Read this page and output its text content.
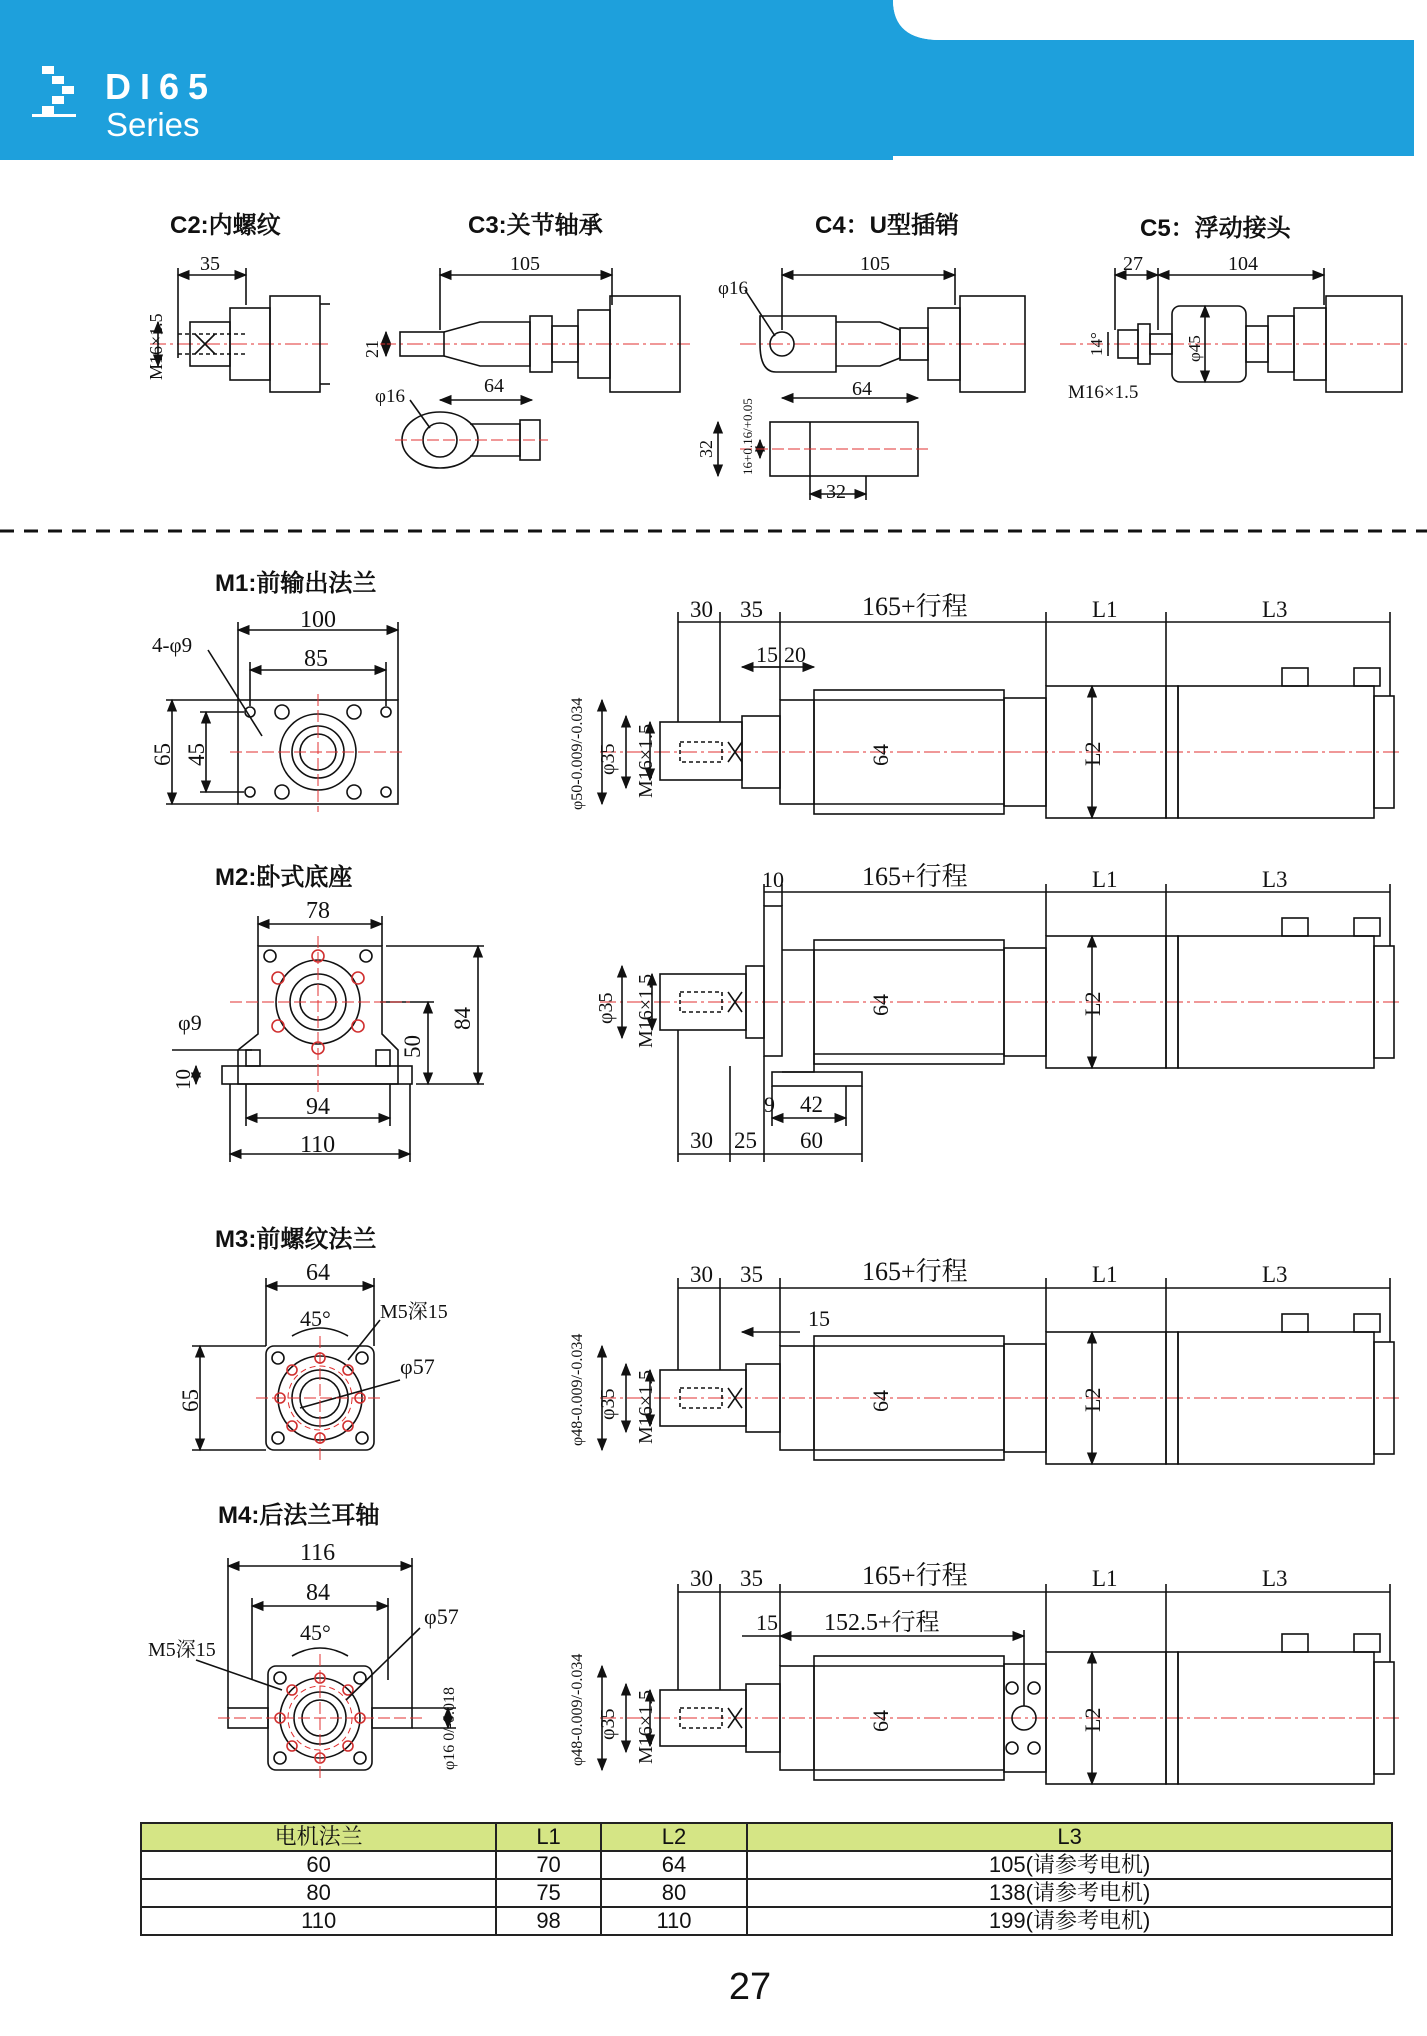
DI65
Series
C2:内螺纹	C3:关节轴承	C4：U型插销	C5：浮动接头
M1:前输出法兰
M2:卧式底座
M3:前螺纹法兰
M4:后法兰耳轴
35
M16×1.5
105
21
φ16	64
φ16
105
64
32 16+0.16/+0.05
32
27	104
14°	φ45
M16×1.5
100
4-φ9
85
65 45
30 35	165+行程	L1	L3
15 20
φ50-0.009/-0.034 φ35 M16×1.5	64	L2
78
φ9	84
50
10
94
110
10	165+行程	L1	L3
φ35 M16×1.5	64	L2
9 42
30 25 60
64
45° M5深15
φ57
65
30 35	165+行程	L1	L3
15
φ48-0.009/-0.034 φ35 M16×1.5	64	L2
116
84
45°
φ57
M5深15
φ16 0/-0.018
30 35	165+行程	L1	L3
15 152.5+行程
φ48-0.009/-0.034 φ35 M16×1.5	64	L2
电机法兰	L1	L2	L3
60	70	64	105(请参考电机)
80	75	80	138(请参考电机)
110	98	110	199(请参考电机)
27
